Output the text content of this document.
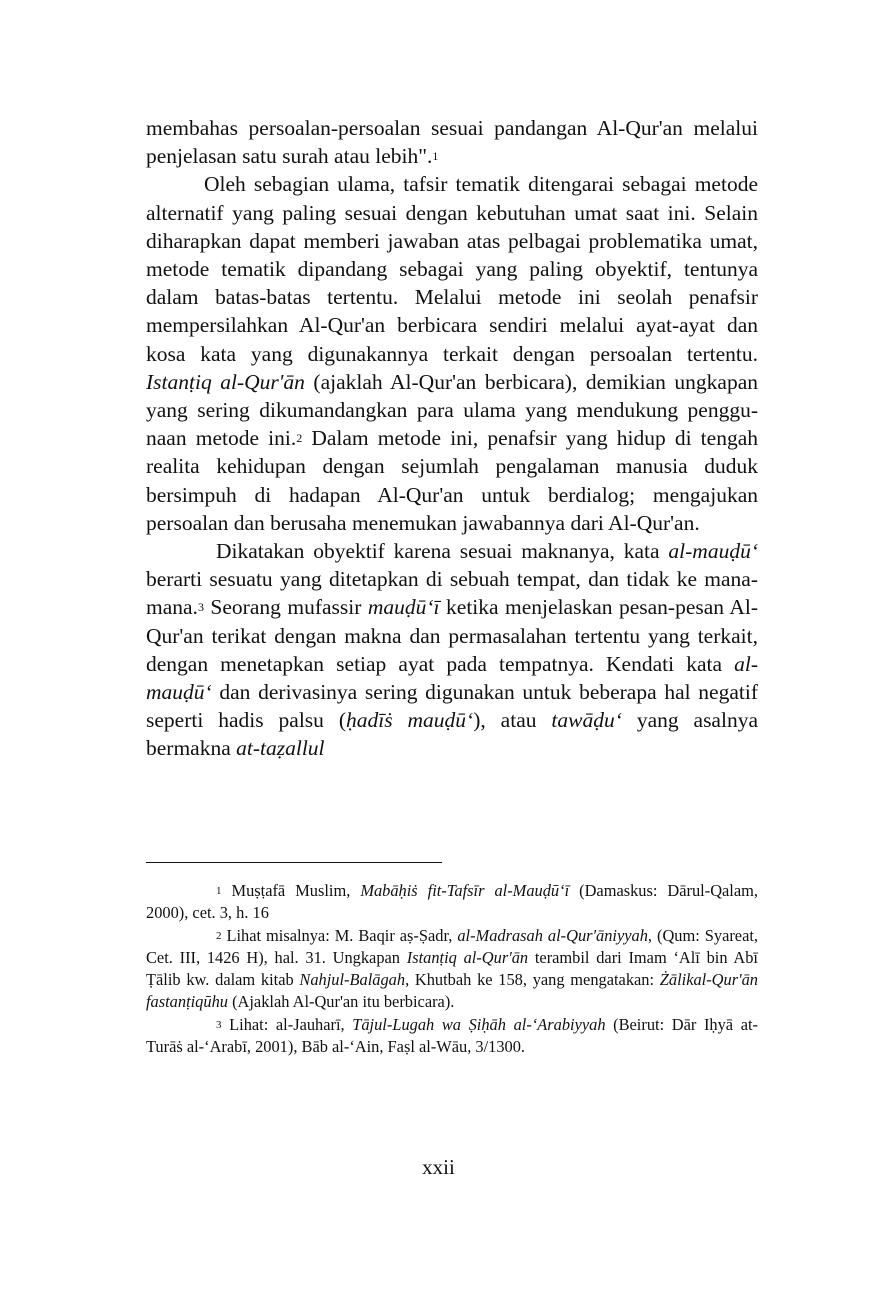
membahas persoalan-persoalan sesuai pandangan Al-Qur'an melalui penjelasan satu surah atau lebih".$^1$

Oleh sebagian ulama, tafsir tematik ditengarai sebagai metode alternatif yang paling sesuai dengan kebutuhan umat saat ini. Selain diharapkan dapat memberi jawaban atas pelbagai problematika umat, metode tematik dipandang sebagai yang paling obyektif, tentunya dalam batas-batas tertentu. Melalui metode ini seolah penafsir mempersilahkan Al-Qur'an berbicara sendiri melalui ayat-ayat dan kosa kata yang digunakannya terkait dengan persoalan tertentu. Istanṭiq al-Qur'ān (ajaklah Al-Qur'an berbicara), demikian ungkapan yang sering dikumandangkan para ulama yang mendukung penggu-naan metode ini.$^2$ Dalam metode ini, penafsir yang hidup di tengah realita kehidupan dengan sejumlah pengalaman manusia duduk bersimpuh di hadapan Al-Qur'an untuk berdialog; mengajukan persoalan dan berusaha menemukan jawabannya dari Al-Qur'an.

Dikatakan obyektif karena sesuai maknanya, kata al-mauḍū‘ berarti sesuatu yang ditetapkan di sebuah tempat, dan tidak ke mana-mana.$^3$ Seorang mufassir mauḍū‘ī ketika menjelaskan pesan-pesan Al-Qur'an terikat dengan makna dan permasalahan tertentu yang terkait, dengan menetapkan setiap ayat pada tempatnya. Kendati kata al-mauḍū‘ dan derivasinya sering digunakan untuk beberapa hal negatif seperti hadis palsu (ḥadīṡ mauḍū‘), atau tawāḍu‘ yang asalnya bermakna at-taẓallul

$^1$ Muṣṭafā Muslim, Mabāḥiṡ fit-Tafsīr al-Mauḍū‘ī (Damaskus: Dārul-Qalam, 2000), cet. 3, h. 16

$^2$ Lihat misalnya: M. Baqir aṣ-Ṣadr, al-Madrasah al-Qur'āniyyah, (Qum: Syareat, Cet. III, 1426 H), hal. 31. Ungkapan Istanṭiq al-Qur'ān terambil dari Imam ‘Alī bin Abī Ṭālib kw. dalam kitab Nahjul-Balāgah, Khutbah ke 158, yang mengatakan: Żālikal-Qur'ān fastanṭiqūhu (Ajaklah Al-Qur'an itu berbicara).

$^3$ Lihat: al-Jauharī, Tājul-Lugah wa Ṣiḥāh al-‘Arabiyyah (Beirut: Dār Iḥyā at-Turāṡ al-‘Arabī, 2001), Bāb al-‘Ain, Faṣl al-Wāu, 3/1300.

xxii
